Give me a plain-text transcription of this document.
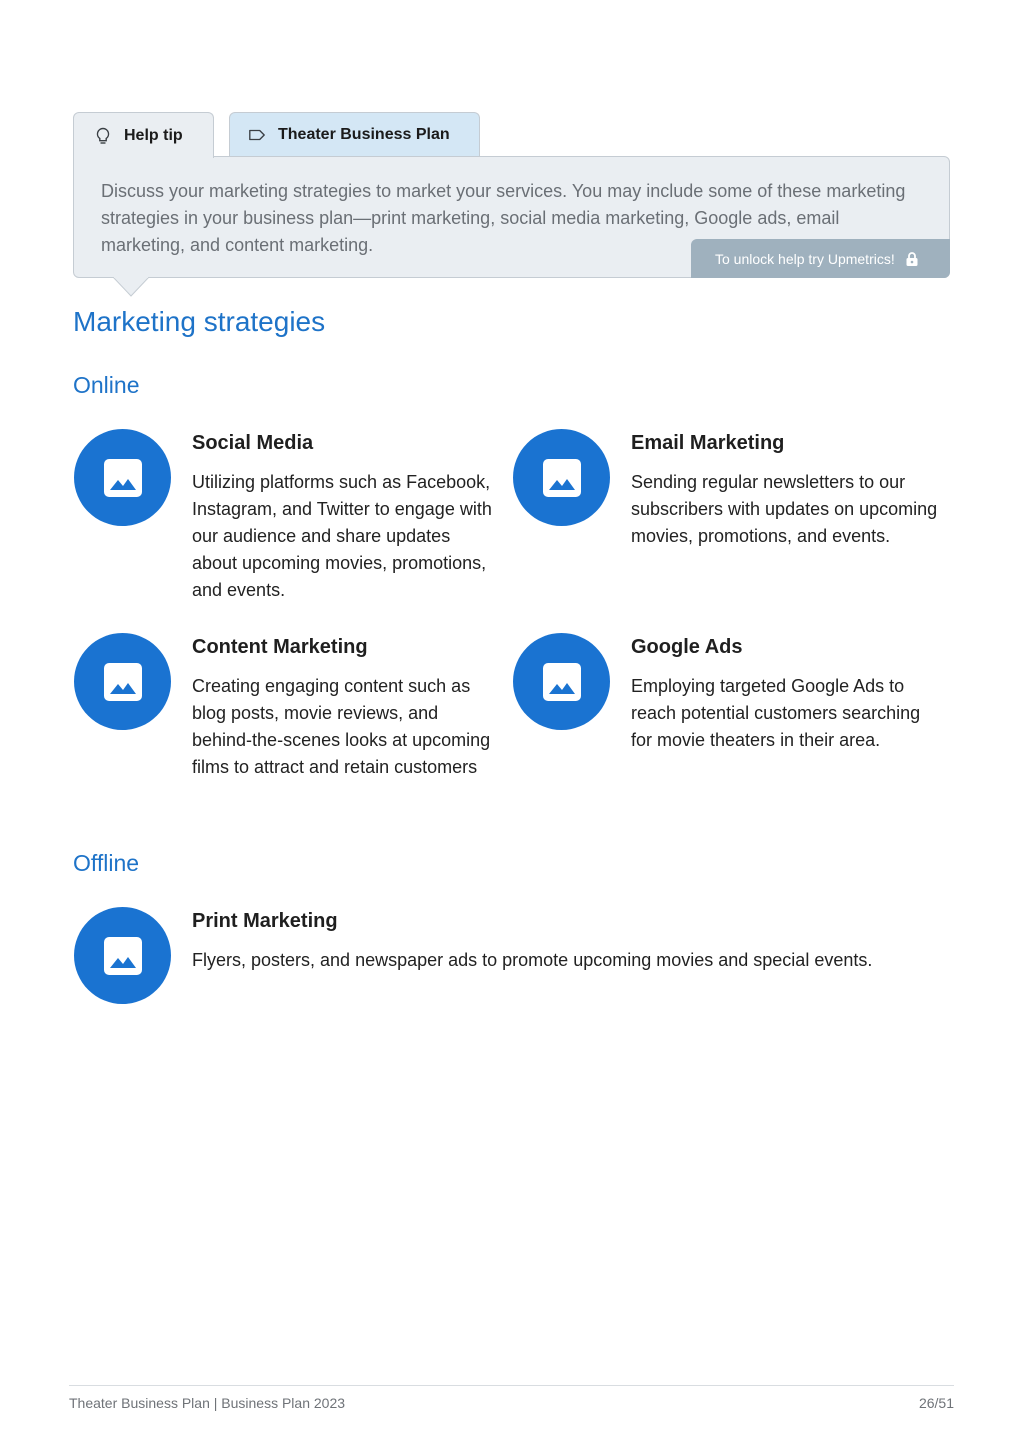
Help tip	Theater Business Plan

Discuss your marketing strategies to market your services. You may include some of these marketing strategies in your business plan—print marketing, social media marketing, Google ads, email marketing, and content marketing.

To unlock help try Upmetrics!
Marketing strategies
Online
Social Media
Utilizing platforms such as Facebook, Instagram, and Twitter to engage with our audience and share updates about upcoming movies, promotions, and events.
Email Marketing
Sending regular newsletters to our subscribers with updates on upcoming movies, promotions, and events.
Content Marketing
Creating engaging content such as blog posts, movie reviews, and behind-the-scenes looks at upcoming films to attract and retain customers
Google Ads
Employing targeted Google Ads to reach potential customers searching for movie theaters in their area.
Offline
Print Marketing
Flyers, posters, and newspaper ads to promote upcoming movies and special events.
Theater Business Plan | Business Plan 2023	26/51
